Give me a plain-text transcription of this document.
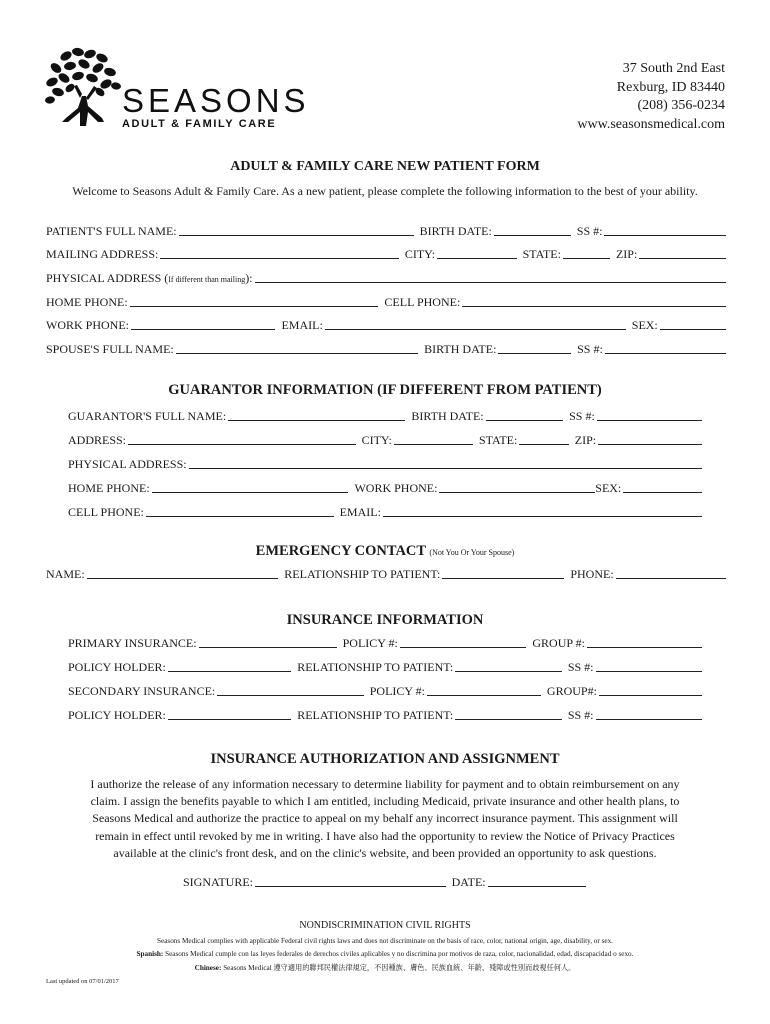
SEASONS
ADULT & FAMILY CARE
37 South 2nd East
Rexburg, ID 83440
(208) 356-0234
www.seasonsmedical.com
ADULT & FAMILY CARE NEW PATIENT FORM
Welcome to Seasons Adult & Family Care. As a new patient, please complete the following information to the best of your ability.
PATIENT'S FULL NAME:	BIRTH DATE:	SS #:
MAILING ADDRESS:	CITY:	STATE:	ZIP:
PHYSICAL ADDRESS (If different than mailing):
HOME PHONE:	CELL PHONE:
WORK PHONE:	EMAIL:	SEX:
SPOUSE'S FULL NAME:	BIRTH DATE:	SS #:
GUARANTOR INFORMATION (IF DIFFERENT FROM PATIENT)
GUARANTOR'S FULL NAME:	BIRTH DATE:	SS #:
ADDRESS:	CITY:	STATE:	ZIP:
PHYSICAL ADDRESS:
HOME PHONE:	WORK PHONE:	SEX:
CELL PHONE:	EMAIL:
EMERGENCY CONTACT (Not You Or Your Spouse)
NAME:	RELATIONSHIP TO PATIENT:	PHONE:
INSURANCE INFORMATION
PRIMARY INSURANCE:	POLICY #:	GROUP #:
POLICY HOLDER:	RELATIONSHIP TO PATIENT:	SS #:
SECONDARY INSURANCE:	POLICY #:	GROUP#:
POLICY HOLDER:	RELATIONSHIP TO PATIENT:	SS #:
INSURANCE AUTHORIZATION AND ASSIGNMENT
I authorize the release of any information necessary to determine liability for payment and to obtain reimbursement on any
claim. I assign the benefits payable to which I am entitled, including Medicaid, private insurance and other health plans, to
Seasons Medical and authorize the practice to appeal on my behalf any incorrect insurance payment. This assignment will
remain in effect until revoked by me in writing. I have also had the opportunity to review the Notice of Privacy Practices
available at the clinic's front desk, and on the clinic's website, and been provided an opportunity to ask questions.
SIGNATURE:	DATE:
NONDISCRIMINATION CIVIL RIGHTS
Seasons Medical complies with applicable Federal civil rights laws and does not discriminate on the basis of race, color, national origin, age, disability, or sex.
Spanish: Seasons Medical cumple con las leyes federales de derechos civiles aplicables y no discrimina por motivos de raza, color, nacionalidad, edad, discapacidad o sexo.
Chinese: Seasons Medical 遵守適用的聯邦民權法律規定，不因種族、膚色、民族血統、年齡、殘障或性別而歧視任何人。
Last updated on 07/01/2017
